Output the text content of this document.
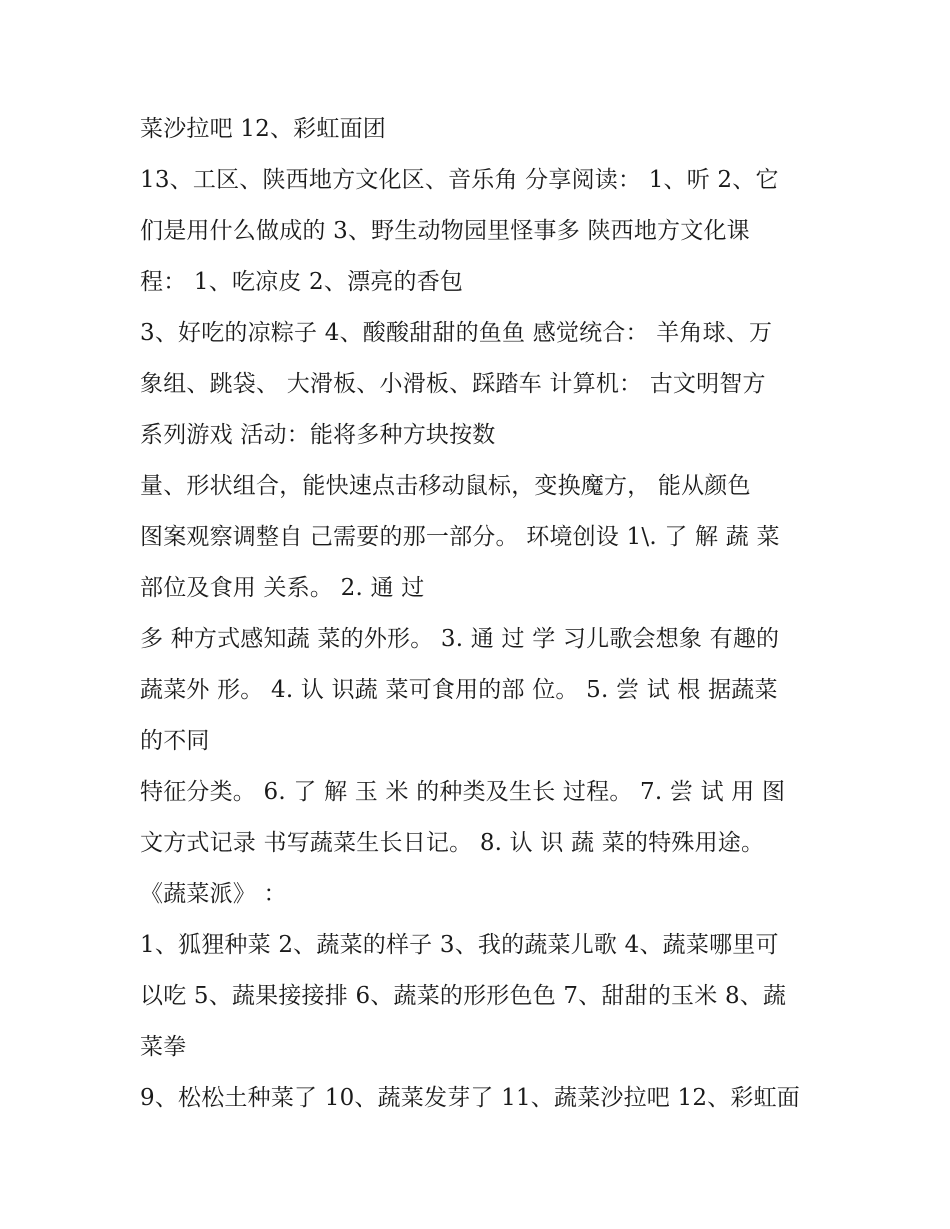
菜沙拉吧 12、彩虹面团
13、工区、陕西地方文化区、音乐角 分享阅读： 1、听 2、它
们是用什么做成的 3、野生动物园里怪事多 陕西地方文化课
程： 1、吃凉皮 2、漂亮的香包
3、好吃的凉粽子 4、酸酸甜甜的鱼鱼 感觉统合： 羊角球、万
象组、跳袋、 大滑板、小滑板、踩踏车 计算机： 古文明智方
系列游戏 活动：能将多种方块按数
量、形状组合，能快速点击移动鼠标，变换魔方， 能从颜色
图案观察调整自 己需要的那一部分。 环境创设 1\. 了 解 蔬 菜
部位及食用 关系。 2. 通 过
多 种方式感知蔬 菜的外形。 3. 通 过 学 习儿歌会想象 有趣的
蔬菜外 形。 4. 认 识蔬 菜可食用的部 位。 5. 尝 试 根 据蔬菜
的不同
特征分类。 6. 了 解 玉 米 的种类及生长 过程。 7. 尝 试 用 图
文方式记录 书写蔬菜生长日记。 8. 认 识 蔬 菜的特殊用途。
《蔬菜派》 ：
1、狐狸种菜 2、蔬菜的样子 3、我的蔬菜儿歌 4、蔬菜哪里可
以吃 5、蔬果接接排 6、蔬菜的形形色色 7、甜甜的玉米 8、蔬
菜拳
9、松松土种菜了 10、蔬菜发芽了 11、蔬菜沙拉吧 12、彩虹面
